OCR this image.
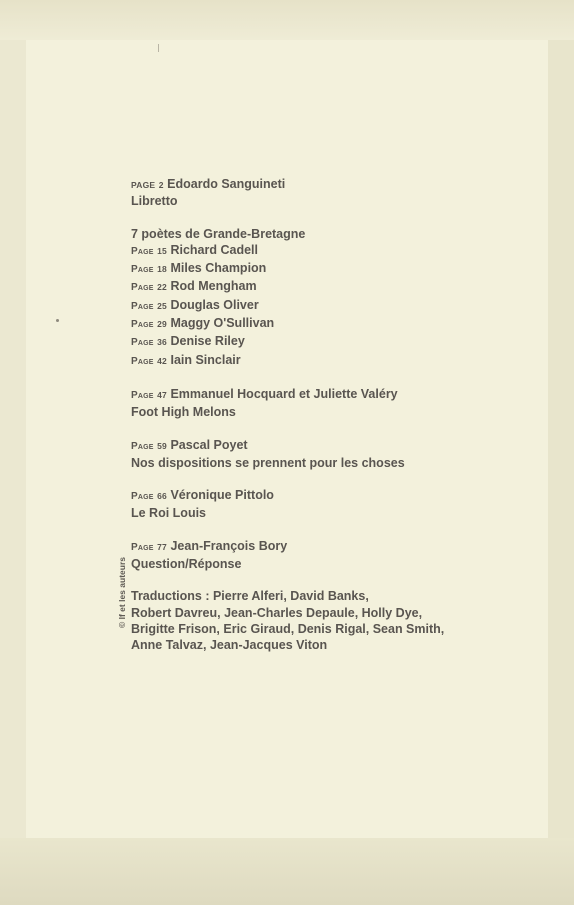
PAGE 2 Edoardo Sanguineti
Libretto
7 poètes de Grande-Bretagne
Page 15 Richard Cadell
Page 18 Miles Champion
Page 22 Rod Mengham
Page 25 Douglas Oliver
Page 29 Maggy O'Sullivan
Page 36 Denise Riley
Page 42 Iain Sinclair
Page 47 Emmanuel Hocquard et Juliette Valéry
Foot High Melons
Page 59 Pascal Poyet
Nos dispositions se prennent pour les choses
Page 66 Véronique Pittolo
Le Roi Louis
Page 77 Jean-François Bory
Question/Réponse
Traductions : Pierre Alferi, David Banks,
Robert Davreu, Jean-Charles Depaule, Holly Dye,
Brigitte Frison, Eric Giraud, Denis Rigal, Sean Smith,
Anne Talvaz, Jean-Jacques Viton
© If et les auteurs
